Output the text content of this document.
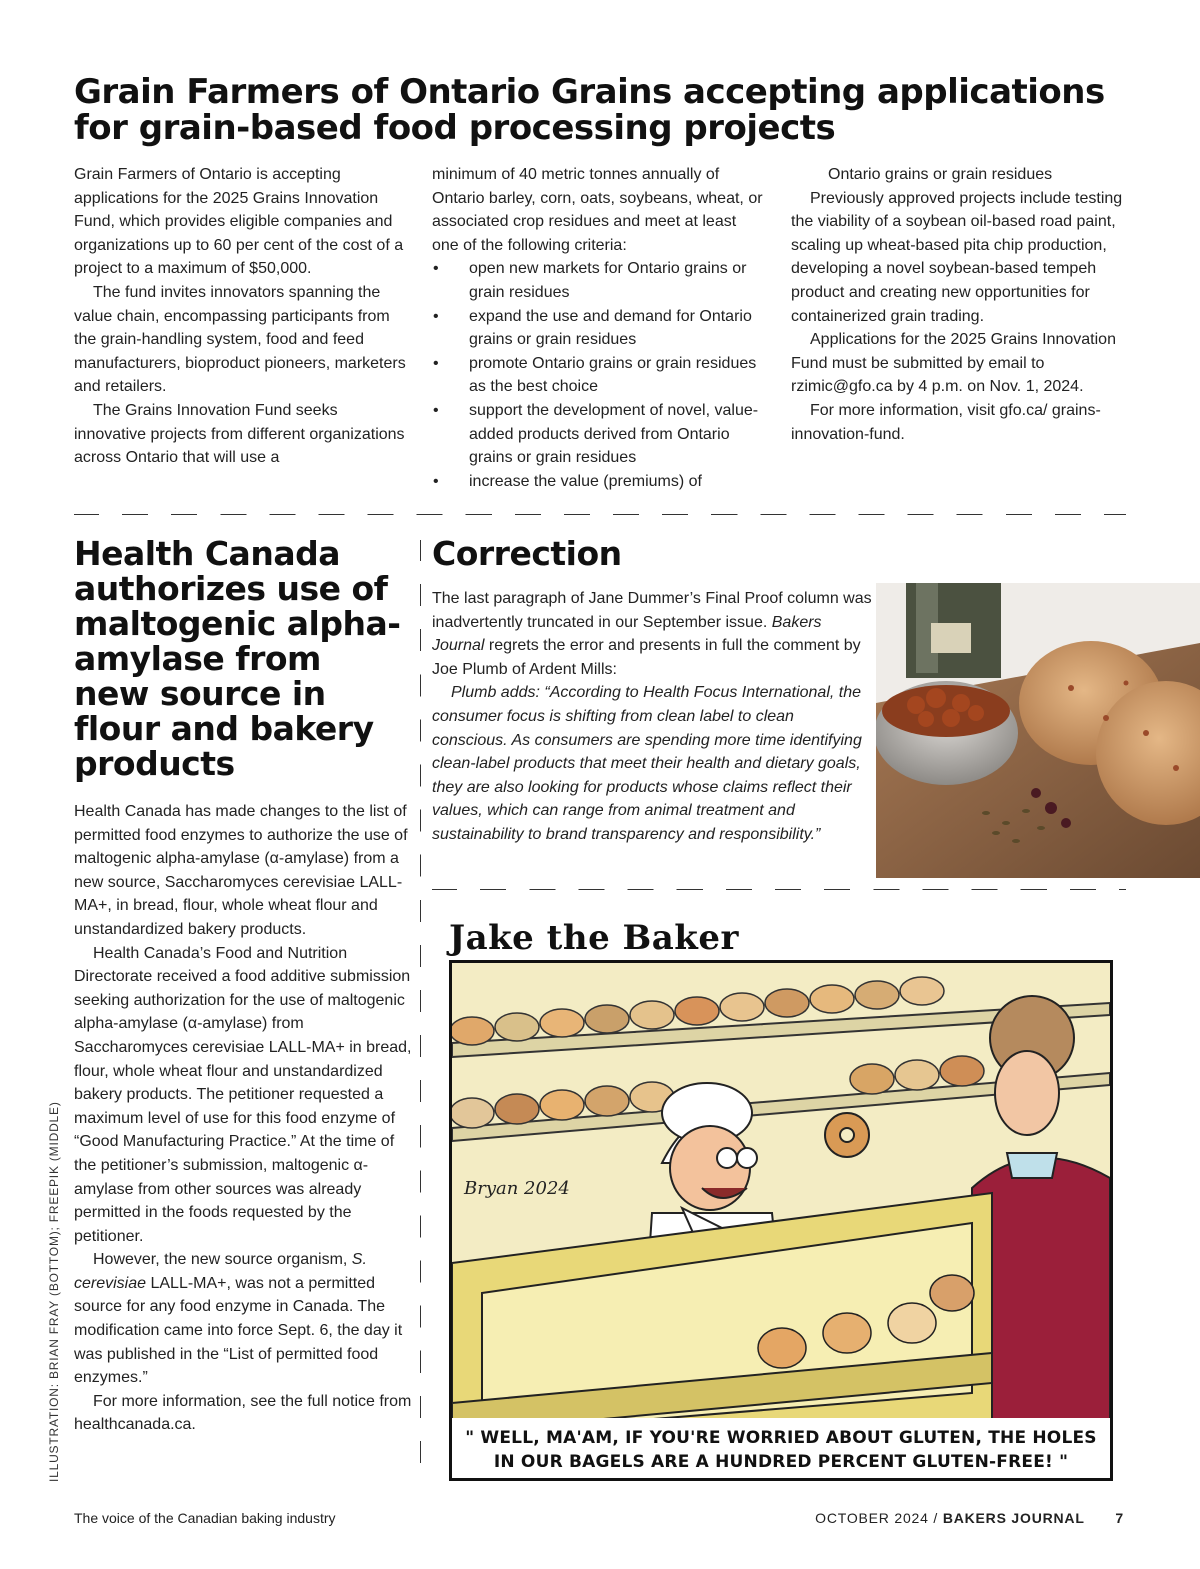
Grain Farmers of Ontario Grains accepting applications
for grain-based food processing projects

Grain Farmers of Ontario is accepting applications for the 2025 Grains Innovation Fund, which provides eligible companies and organizations up to 60 per cent of the cost of a project to a maximum of $50,000.

The fund invites innovators spanning the value chain, encompassing participants from the grain-handling system, food and feed manufacturers, bioproduct pioneers, marketers and retailers.

The Grains Innovation Fund seeks innovative projects from different organizations across Ontario that will use a

minimum of 40 metric tonnes annually of Ontario barley, corn, oats, soybeans, wheat, or associated crop residues and meet at least one of the following criteria:

• open new markets for Ontario grains or grain residues
• expand the use and demand for Ontario grains or grain residues
• promote Ontario grains or grain residues as the best choice
• support the development of novel, value-added products derived from Ontario grains or grain residues
• increase the value (premiums) of

Ontario grains or grain residues

Previously approved projects include testing the viability of a soybean oil-based road paint, scaling up wheat-based pita chip production, developing a novel soybean-based tempeh product and creating new opportunities for containerized grain trading.

Applications for the 2025 Grains Innovation Fund must be submitted by email to rzimic@gfo.ca by 4 p.m. on Nov. 1, 2024.

For more information, visit gfo.ca/ grains-innovation-fund.

Health Canada authorizes use of maltogenic alpha-amylase from new source in flour and bakery products

Health Canada has made changes to the list of permitted food enzymes to authorize the use of maltogenic alpha-amylase (α-amylase) from a new source, Saccharomyces cerevisiae LALL-MA+, in bread, flour, whole wheat flour and unstandardized bakery products.

Health Canada’s Food and Nutrition Directorate received a food additive submission seeking authorization for the use of maltogenic alpha-amylase (α-amylase) from Saccharomyces cerevisiae LALL-MA+ in bread, flour, whole wheat flour and unstandardized bakery products. The petitioner requested a maximum level of use for this food enzyme of “Good Manufacturing Practice.” At the time of the petitioner’s submission, maltogenic α-amylase from other sources was already permitted in the foods requested by the petitioner.

However, the new source organism, S. cerevisiae LALL-MA+, was not a permitted source for any food enzyme in Canada. The modification came into force Sept. 6, the day it was published in the “List of permitted food enzymes.”

For more information, see the full notice from healthcanada.ca.

ILLUSTRATION: BRIAN FRAY (BOTTOM); FREEPIK (MIDDLE)
Correction

The last paragraph of Jane Dummer’s Final Proof column was inadvertently truncated in our September issue. Bakers Journal regrets the error and presents in full the comment by Joe Plumb of Ardent Mills:

Plumb adds: “According to Health Focus International, the consumer focus is shifting from clean label to clean conscious. As consumers are spending more time identifying clean-label products that meet their health and dietary goals, they are also looking for products whose claims reflect their values, which can range from animal treatment and sustainability to brand transparency and responsibility.”

Jake the Baker
Bryan 2024
" WELL, MA'AM, IF YOU'RE WORRIED ABOUT GLUTEN, THE HOLES
IN OUR BAGELS ARE A HUNDRED PERCENT GLUTEN-FREE! "
The voice of the Canadian baking industry	OCTOBER 2024 / BAKERS JOURNAL 7
